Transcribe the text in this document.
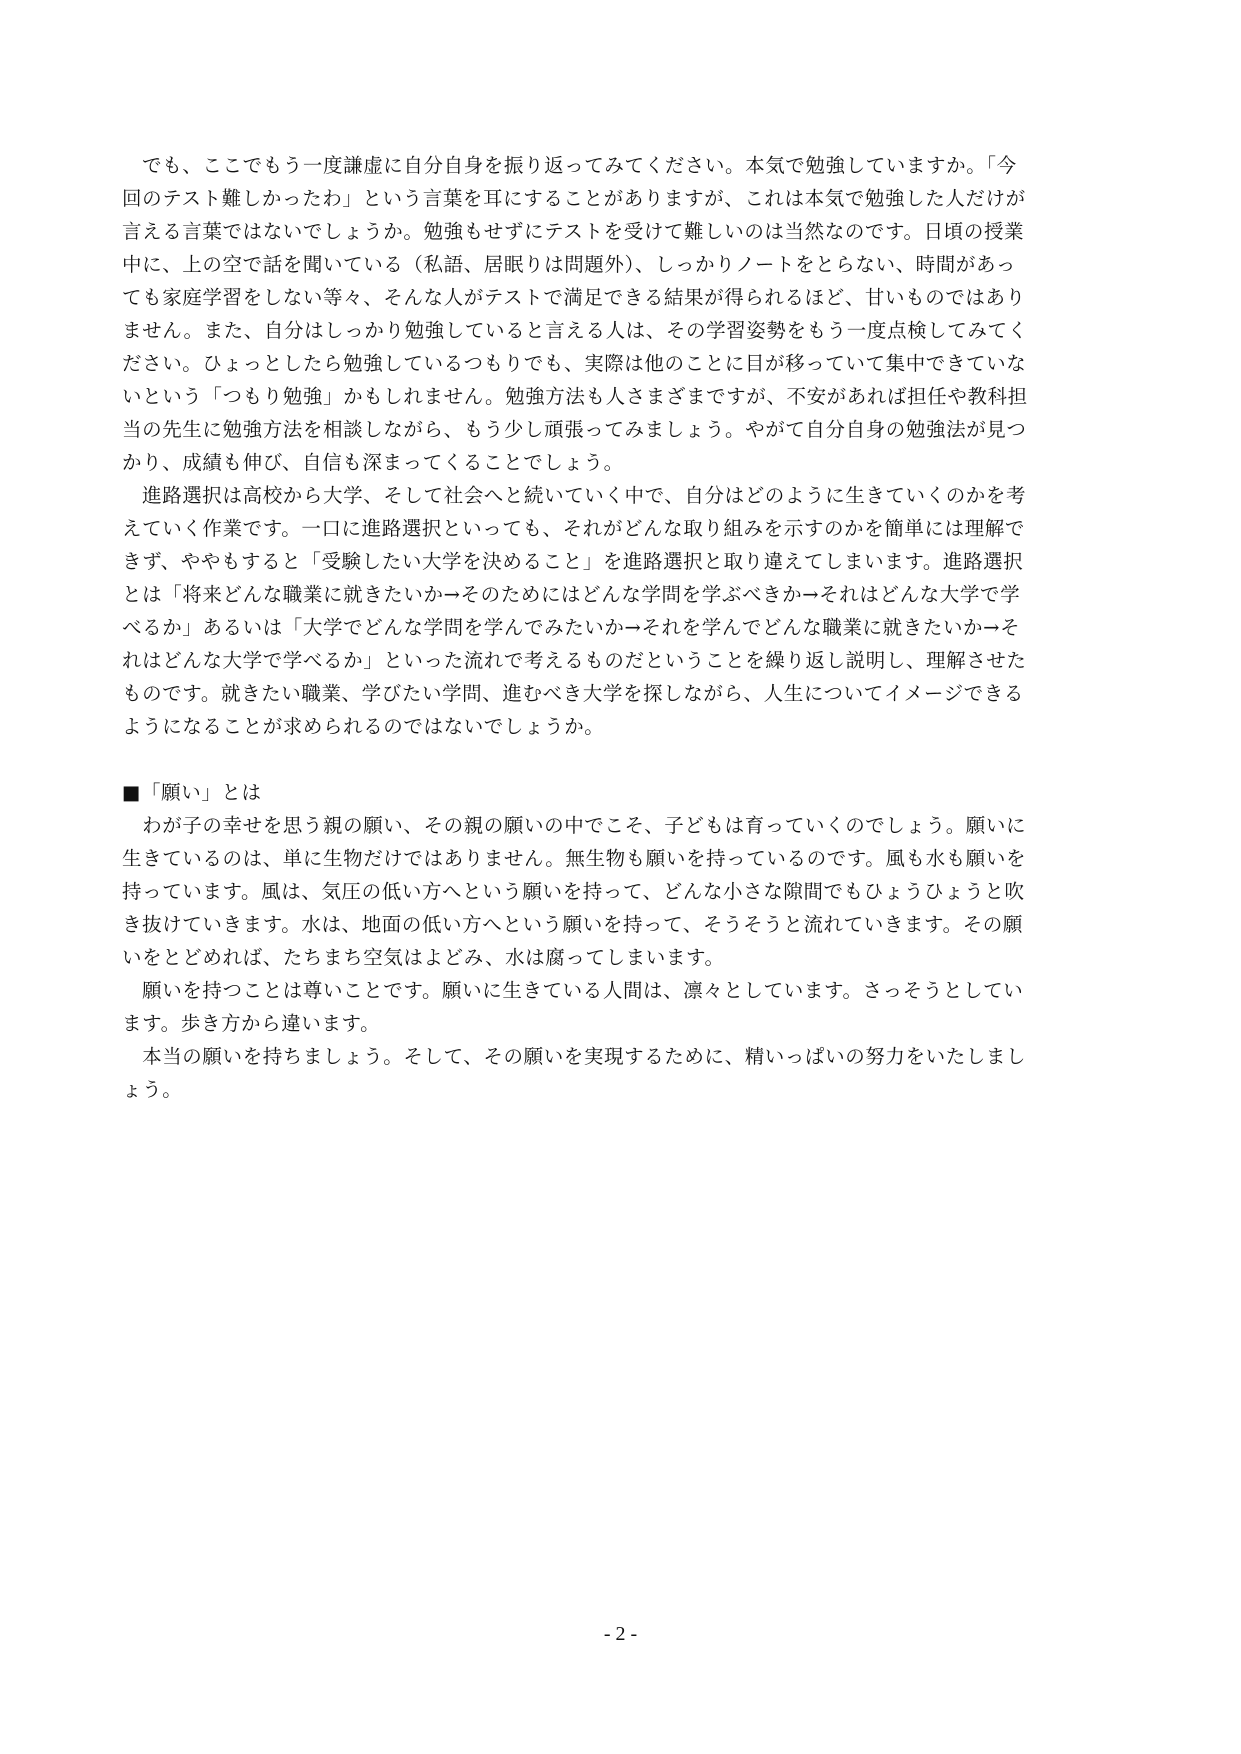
　でも、ここでもう一度謙虚に自分自身を振り返ってみてください。本気で勉強していますか。「今
回のテスト難しかったわ」という言葉を耳にすることがありますが、これは本気で勉強した人だけが
言える言葉ではないでしょうか。勉強もせずにテストを受けて難しいのは当然なのです。日頃の授業
中に、上の空で話を聞いている（私語、居眠りは問題外）、しっかりノートをとらない、時間があっ
ても家庭学習をしない等々、そんな人がテストで満足できる結果が得られるほど、甘いものではあり
ません。また、自分はしっかり勉強していると言える人は、その学習姿勢をもう一度点検してみてく
ださい。ひょっとしたら勉強しているつもりでも、実際は他のことに目が移っていて集中できていな
いという「つもり勉強」かもしれません。勉強方法も人さまざまですが、不安があれば担任や教科担
当の先生に勉強方法を相談しながら、もう少し頑張ってみましょう。やがて自分自身の勉強法が見つ
かり、成績も伸び、自信も深まってくることでしょう。
　進路選択は高校から大学、そして社会へと続いていく中で、自分はどのように生きていくのかを考
えていく作業です。一口に進路選択といっても、それがどんな取り組みを示すのかを簡単には理解で
きず、ややもすると「受験したい大学を決めること」を進路選択と取り違えてしまいます。進路選択
とは「将来どんな職業に就きたいか→そのためにはどんな学問を学ぶべきか→それはどんな大学で学
べるか」あるいは「大学でどんな学問を学んでみたいか→それを学んでどんな職業に就きたいか→そ
れはどんな大学で学べるか」といった流れで考えるものだということを繰り返し説明し、理解させた
ものです。就きたい職業、学びたい学問、進むべき大学を探しながら、人生についてイメージできる
ようになることが求められるのではないでしょうか。
■「願い」とは
　わが子の幸せを思う親の願い、その親の願いの中でこそ、子どもは育っていくのでしょう。願いに
生きているのは、単に生物だけではありません。無生物も願いを持っているのです。風も水も願いを
持っています。風は、気圧の低い方へという願いを持って、どんな小さな隙間でもひょうひょうと吹
き抜けていきます。水は、地面の低い方へという願いを持って、そうそうと流れていきます。その願
いをとどめれば、たちまち空気はよどみ、水は腐ってしまいます。
　願いを持つことは尊いことです。願いに生きている人間は、凛々としています。さっそうとしてい
ます。歩き方から違います。
　本当の願いを持ちましょう。そして、その願いを実現するために、精いっぱいの努力をいたしまし
ょう。
- 2 -
